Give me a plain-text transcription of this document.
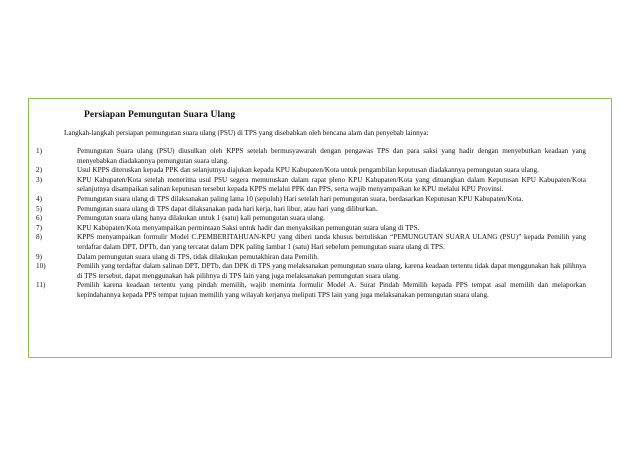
Persiapan Pemungutan Suara Ulang
Langkah-langkah persiapan pemungutan suara ulang (PSU) di TPS yang disebabkan oleh bencana alam dan penyebab lainnya:
1)	Pemungutan Suara ulang (PSU) diusulkan oleh KPPS setelah bermusyawarah dengan pengawas TPS dan para saksi yang hadir dengan menyebutkan keadaan yang menyebabkan diadakannya pemungutan suara ulang.
2)	Usul KPPS diteruskan kepada PPK dan selanjutnya diajukan kepada KPU Kabupaten/Kota untuk pengambilan keputusan diadakannya pemungutan suara ulang.
3)	KPU Kabupaten/Kota setelah menerima usul PSU segera memutuskan dalam rapat pleno KPU Kabupaten/Kota yang dituangkan dalam Keputusan KPU Kabupaten/Kota selanjutnya disampaikan salinan keputusan tersebut kepada KPPS melalui PPK dan PPS, serta wajib menyampaikan ke KPU melalui KPU Provinsi.
4)	Pemungutan suara ulang di TPS dilaksanakan paling lama 10 (sepuluh) Hari setelah hari pemungutan suara, berdasarkan Keputusan KPU Kabupaten/Kota.
5)	Pemungutan suara ulang di TPS dapat dilaksanakan pada hari kerja, hari libur, atau hari yang diliburkan.
6)	Pemungutan suara ulang hanya dilakukan untuk 1 (satu) kali pemungutan suara ulang.
7)	KPU Kabupaten/Kota menyampaikan permintaan Saksi untuk hadir dan menyaksikan pemungutan suara ulang di TPS.
8)	KPPS menyampaikan formulir Model C.PEMBERITAHUAN-KPU yang diberi tanda khusus bertuliskan “PEMUNGUTAN SUARA ULANG (PSU)” kepada Pemilih yang terdaftar dalam DPT, DPTb, dan yang tercatat dalam DPK paling lambat 1 (satu) Hari sebelum pemungutan suara ulang di TPS.
9)	Dalam pemungutan suara ulang di TPS, tidak dilakukan pemutakhiran data Pemilih.
10)	Pemilih yang terdaftar dalam salinan DPT, DPTb, dan DPK di TPS yang melaksanakan pemungutan suara ulang, karena keadaan tertentu tidak dapat menggunakan hak pilihnya di TPS tersebut, dapat menggunakan hak pilihnya di TPS lain yang juga melaksanakan pemungutan suara ulang.
11)	Pemilih karena keadaan tertentu yang pindah memilih, wajib meminta formulir Model A. Surat Pindah Memilih kepada PPS tempat asal memilih dan melaporkan kepindahannya kepada PPS tempat tujuan memilih yang wilayah kerjanya meliputi TPS lain yang juga melaksanakan pemungutan suara ulang.
